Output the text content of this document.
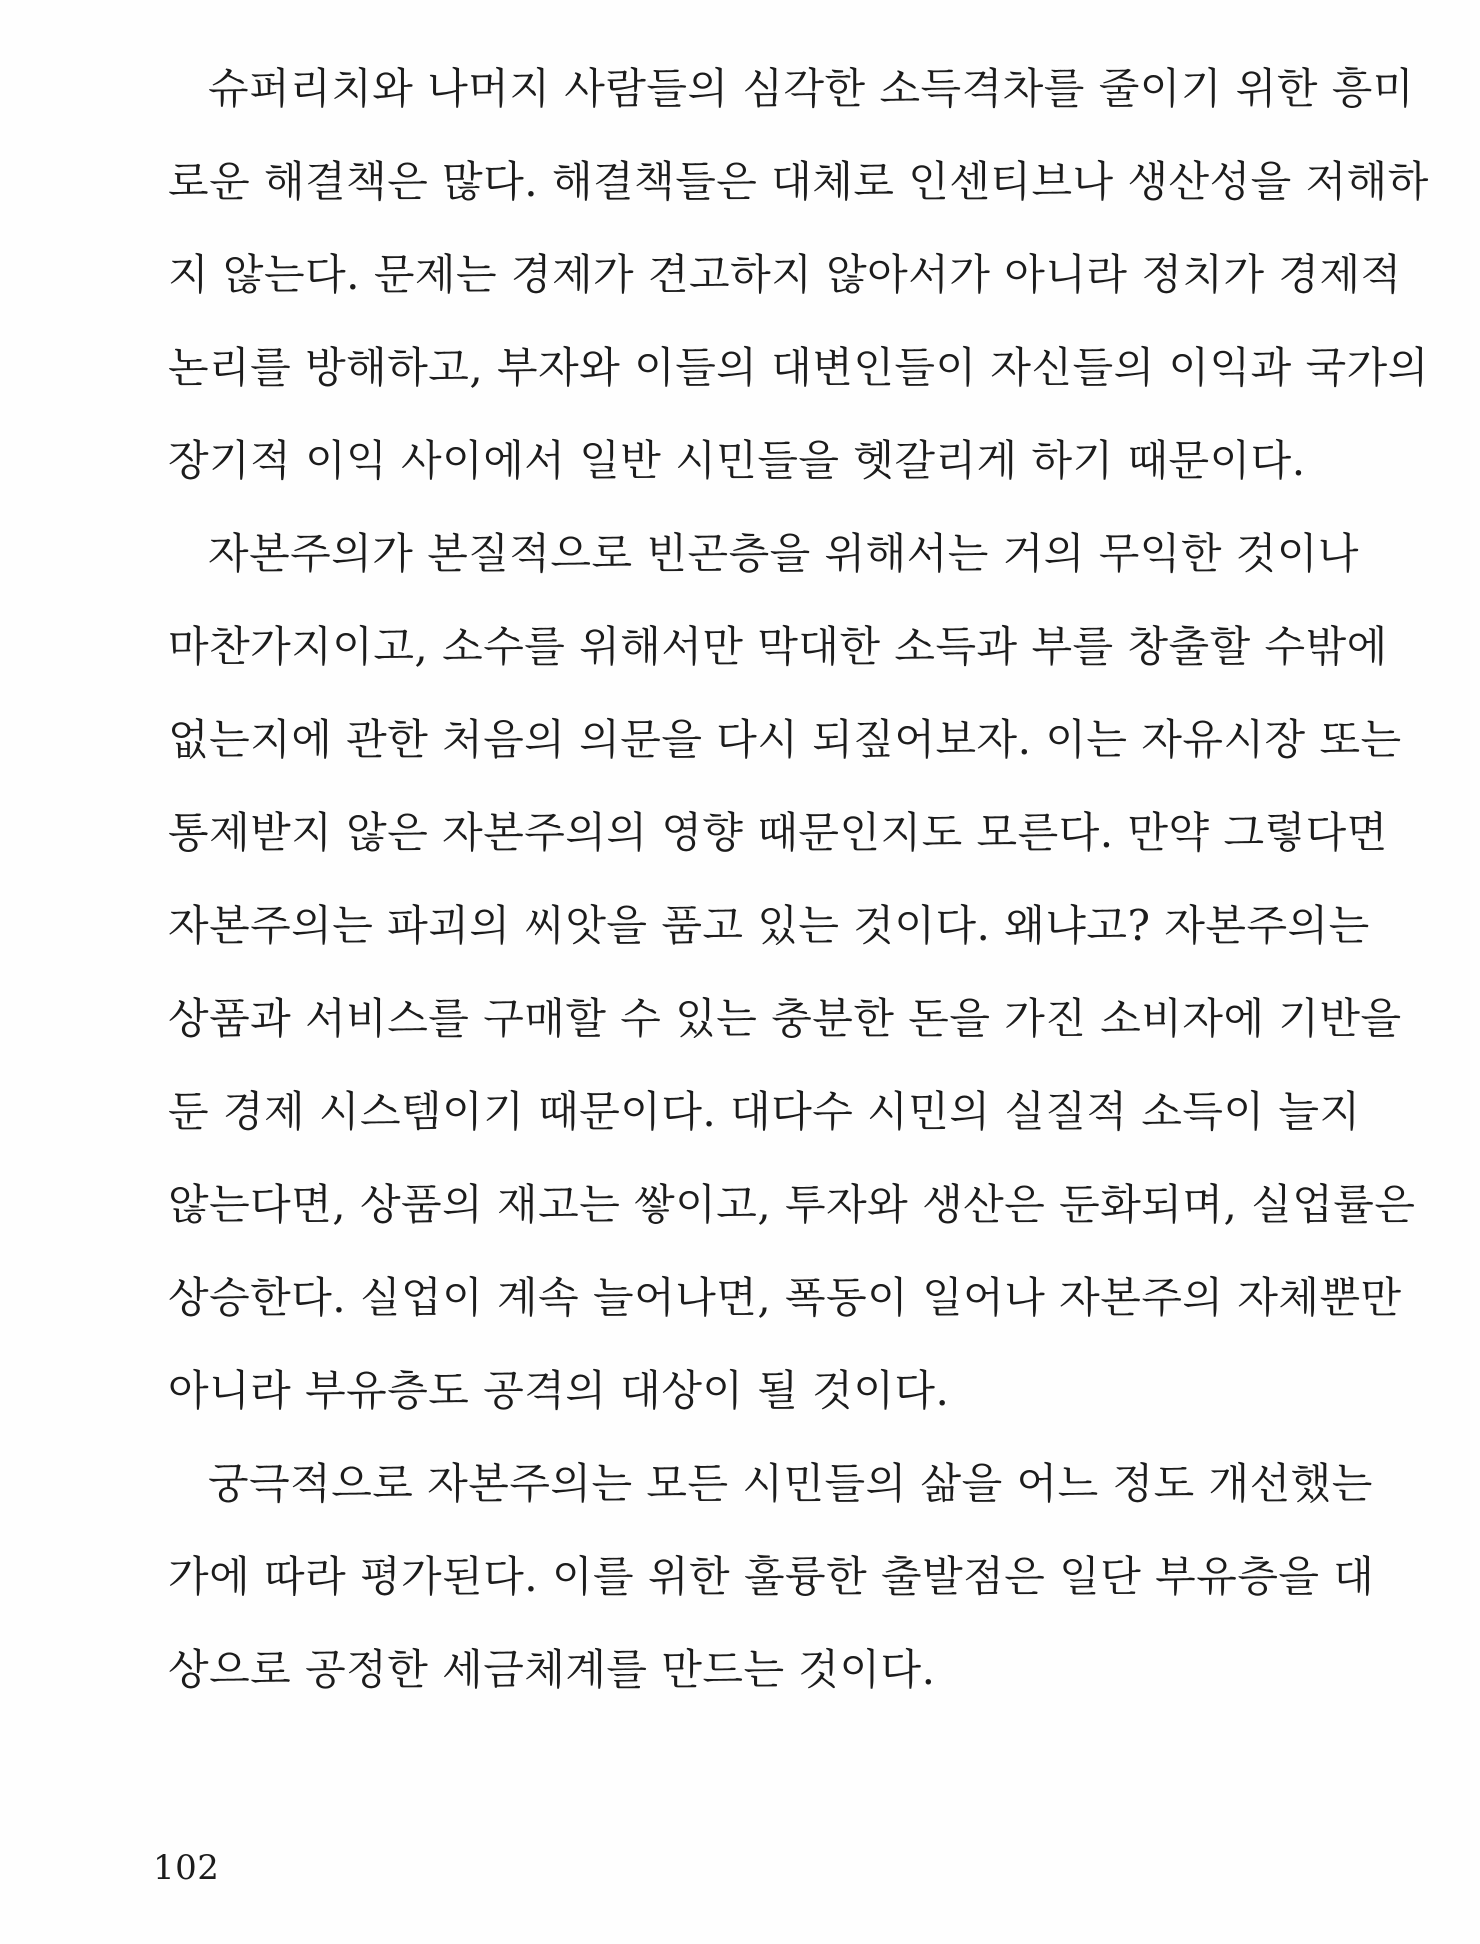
슈퍼리치와 나머지 사람들의 심각한 소득격차를 줄이기 위한 흥미
로운 해결책은 많다. 해결책들은 대체로 인센티브나 생산성을 저해하
지 않는다. 문제는 경제가 견고하지 않아서가 아니라 정치가 경제적
논리를 방해하고, 부자와 이들의 대변인들이 자신들의 이익과 국가의
장기적 이익 사이에서 일반 시민들을 헷갈리게 하기 때문이다.
자본주의가 본질적으로 빈곤층을 위해서는 거의 무익한 것이나
마찬가지이고, 소수를 위해서만 막대한 소득과 부를 창출할 수밖에
없는지에 관한 처음의 의문을 다시 되짚어보자. 이는 자유시장 또는
통제받지 않은 자본주의의 영향 때문인지도 모른다. 만약 그렇다면
자본주의는 파괴의 씨앗을 품고 있는 것이다. 왜냐고? 자본주의는
상품과 서비스를 구매할 수 있는 충분한 돈을 가진 소비자에 기반을
둔 경제 시스템이기 때문이다. 대다수 시민의 실질적 소득이 늘지
않는다면, 상품의 재고는 쌓이고, 투자와 생산은 둔화되며, 실업률은
상승한다. 실업이 계속 늘어나면, 폭동이 일어나 자본주의 자체뿐만
아니라 부유층도 공격의 대상이 될 것이다.
궁극적으로 자본주의는 모든 시민들의 삶을 어느 정도 개선했는
가에 따라 평가된다. 이를 위한 훌륭한 출발점은 일단 부유층을 대
상으로 공정한 세금체계를 만드는 것이다.
102
